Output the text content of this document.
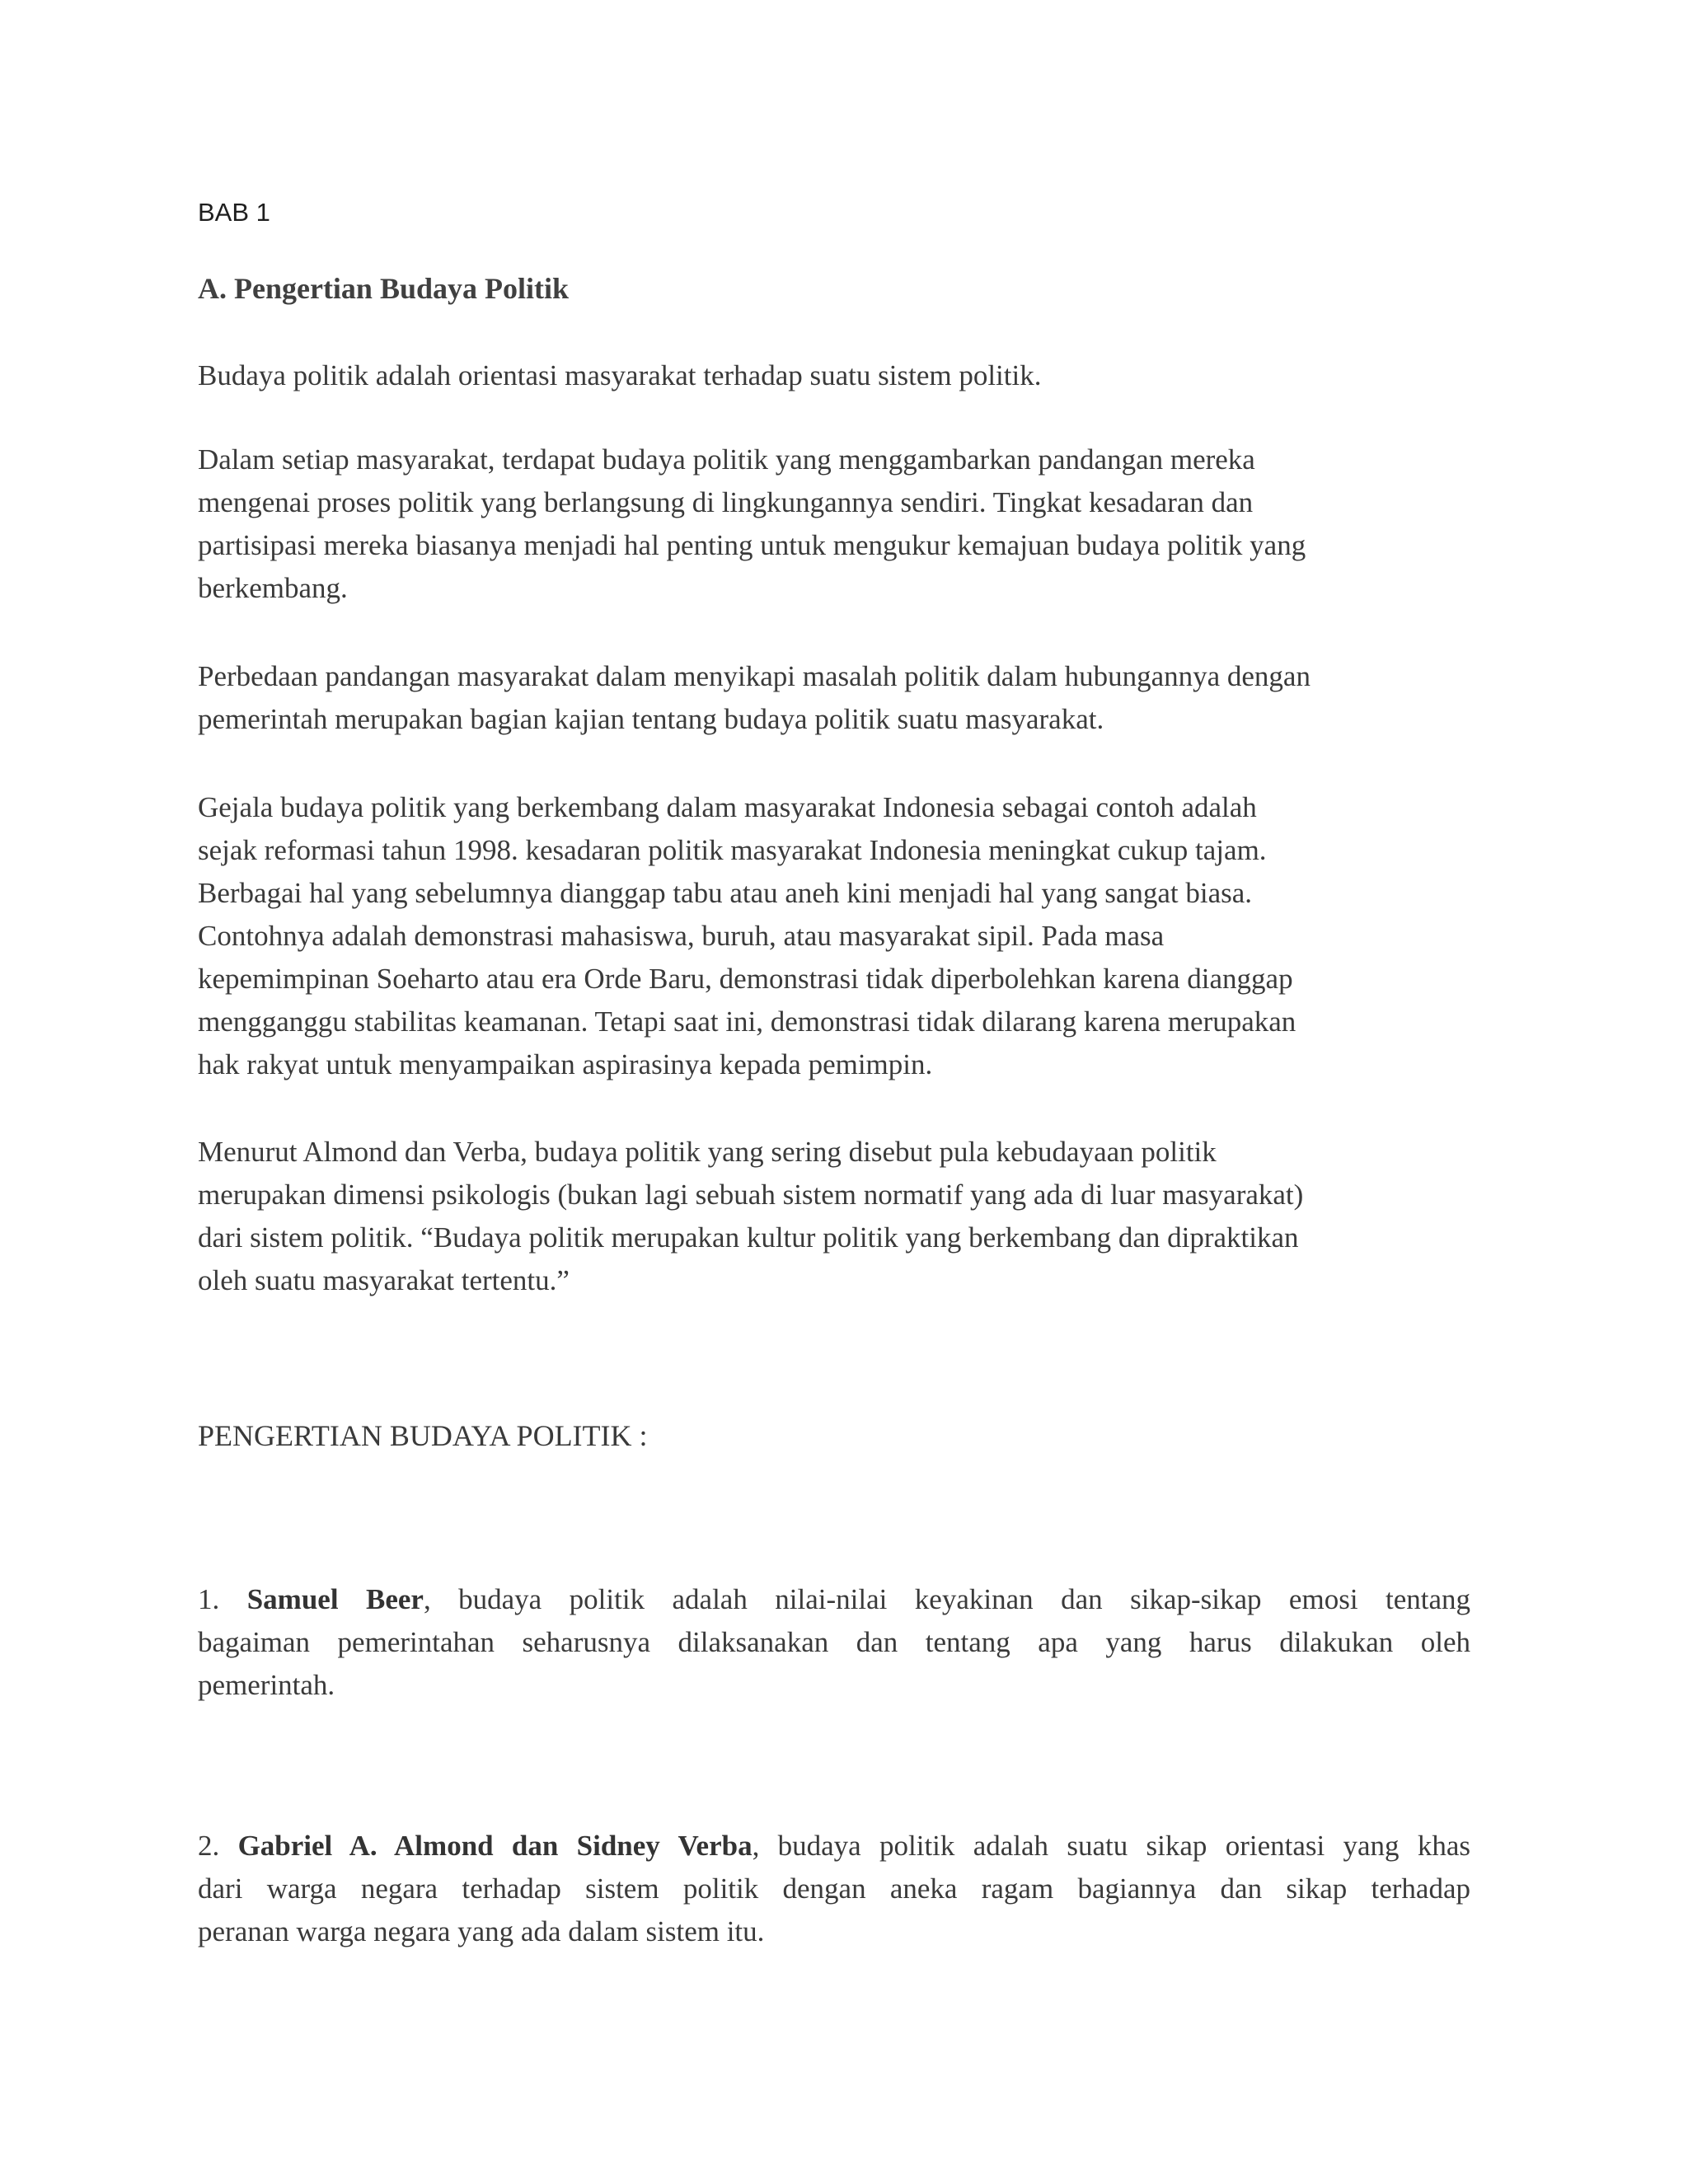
BAB 1
A. Pengertian Budaya Politik
Budaya politik adalah orientasi masyarakat terhadap suatu sistem politik.
Dalam setiap masyarakat, terdapat budaya politik yang menggambarkan pandangan mereka
mengenai proses politik yang berlangsung di lingkungannya sendiri. Tingkat kesadaran dan
partisipasi mereka biasanya menjadi hal penting untuk mengukur kemajuan budaya politik yang
berkembang.
Perbedaan pandangan masyarakat dalam menyikapi masalah politik dalam hubungannya dengan
pemerintah merupakan bagian kajian tentang budaya politik suatu masyarakat.
Gejala budaya politik yang berkembang dalam masyarakat Indonesia sebagai contoh adalah
sejak reformasi tahun 1998. kesadaran politik masyarakat Indonesia meningkat cukup tajam.
Berbagai hal yang sebelumnya dianggap tabu atau aneh kini menjadi hal yang sangat biasa.
Contohnya adalah demonstrasi mahasiswa, buruh, atau masyarakat sipil. Pada masa
kepemimpinan Soeharto atau era Orde Baru, demonstrasi tidak diperbolehkan karena dianggap
mengganggu stabilitas keamanan. Tetapi saat ini, demonstrasi tidak dilarang karena merupakan
hak rakyat untuk menyampaikan aspirasinya kepada pemimpin.
Menurut Almond dan Verba, budaya politik yang sering disebut pula kebudayaan politik
merupakan dimensi psikologis (bukan lagi sebuah sistem normatif yang ada di luar masyarakat)
dari sistem politik. “Budaya politik merupakan kultur politik yang berkembang dan dipraktikan
oleh suatu masyarakat tertentu.”
PENGERTIAN BUDAYA POLITIK :
1. Samuel Beer, budaya politik adalah nilai-nilai keyakinan dan sikap-sikap emosi tentang
bagaiman pemerintahan seharusnya dilaksanakan dan tentang apa yang harus dilakukan oleh
pemerintah.
2. Gabriel A. Almond dan Sidney Verba, budaya politik adalah suatu sikap orientasi yang khas
dari warga negara terhadap sistem politik dengan aneka ragam bagiannya dan sikap terhadap
peranan warga negara yang ada dalam sistem itu.
